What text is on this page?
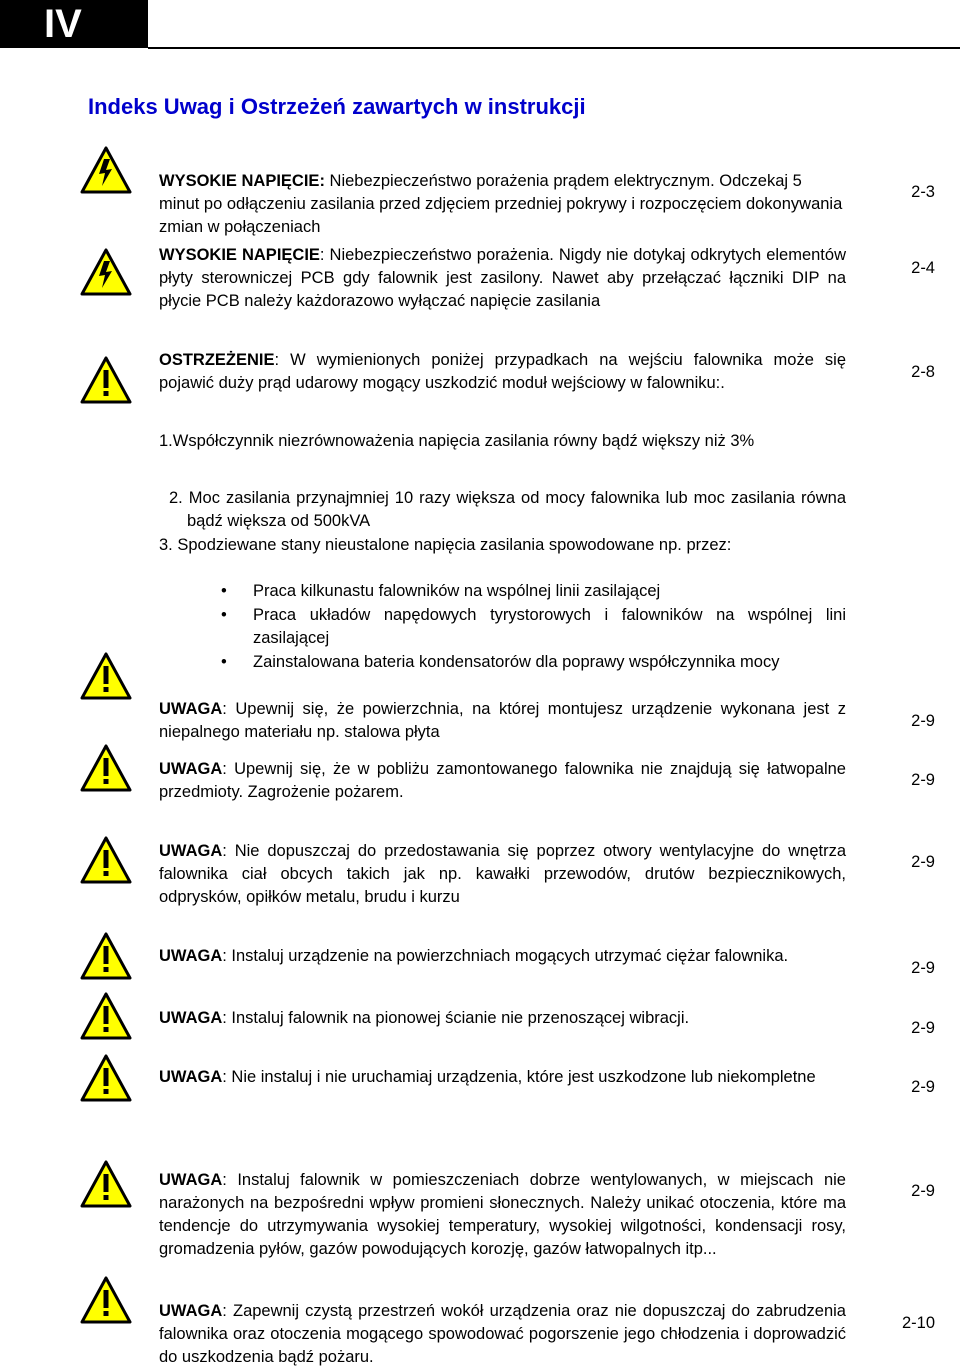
IV
Indeks Uwag i Ostrzeżeń zawartych w instrukcji
WYSOKIE NAPIĘCIE: Niebezpieczeństwo porażenia prądem elektrycznym. Odczekaj 5 minut po odłączeniu zasilania przed zdjęciem przedniej pokrywy i rozpoczęciem dokonywania zmian w połączeniach
2-3
WYSOKIE NAPIĘCIE: Niebezpieczeństwo porażenia. Nigdy nie dotykaj odkrytych elementów płyty sterowniczej PCB gdy falownik jest zasilony. Nawet aby przełączać łączniki DIP na płycie PCB należy każdorazowo wyłączać napięcie zasilania
2-4
OSTRZEŻENIE: W wymienionych poniżej przypadkach na wejściu falownika może się pojawić duży prąd udarowy mogący uszkodzić moduł wejściowy w falowniku:.
2-8
1.Współczynnik niezrównoważenia napięcia zasilania równy bądź większy niż 3%
2. Moc zasilania przynajmniej 10 razy większa od mocy falownika lub moc zasilania równa bądź większa od 500kVA
3. Spodziewane stany nieustalone napięcia zasilania spowodowane np. przez:
• Praca kilkunastu falowników na wspólnej linii zasilającej
• Praca układów napędowych tyrystorowych i falowników na wspólnej lini zasilającej
• Zainstalowana bateria kondensatorów dla poprawy współczynnika mocy
UWAGA: Upewnij się, że powierzchnia, na której montujesz urządzenie wykonana jest z niepalnego materiału np. stalowa płyta
2-9
UWAGA: Upewnij się, że w pobliżu zamontowanego falownika nie znajdują się łatwopalne przedmioty. Zagrożenie pożarem.
2-9
UWAGA: Nie dopuszczaj do przedostawania się poprzez otwory wentylacyjne do wnętrza falownika ciał obcych takich jak np. kawałki przewodów, drutów bezpiecznikowych, odprysków, opiłków metalu, brudu i kurzu
2-9
UWAGA: Instaluj urządzenie na powierzchniach mogących utrzymać ciężar falownika.
2-9
UWAGA: Instaluj falownik na pionowej ścianie nie przenoszącej wibracji.
2-9
UWAGA: Nie instaluj i nie uruchamiaj urządzenia, które jest uszkodzone lub niekompletne
2-9
UWAGA: Instaluj falownik w pomieszczeniach dobrze wentylowanych, w miejscach nie narażonych na bezpośredni wpływ promieni słonecznych. Należy unikać otoczenia, które ma tendencje do utrzymywania wysokiej temperatury, wysokiej wilgotności, kondensacji rosy, gromadzenia pyłów, gazów powodujących korozję, gazów łatwopalnych itp...
2-9
UWAGA: Zapewnij czystą przestrzeń wokół urządzenia oraz nie dopuszczaj do zabrudzenia falownika oraz otoczenia mogącego spowodować pogorszenie jego chłodzenia i doprowadzić do uszkodzenia bądź pożaru.
2-10
